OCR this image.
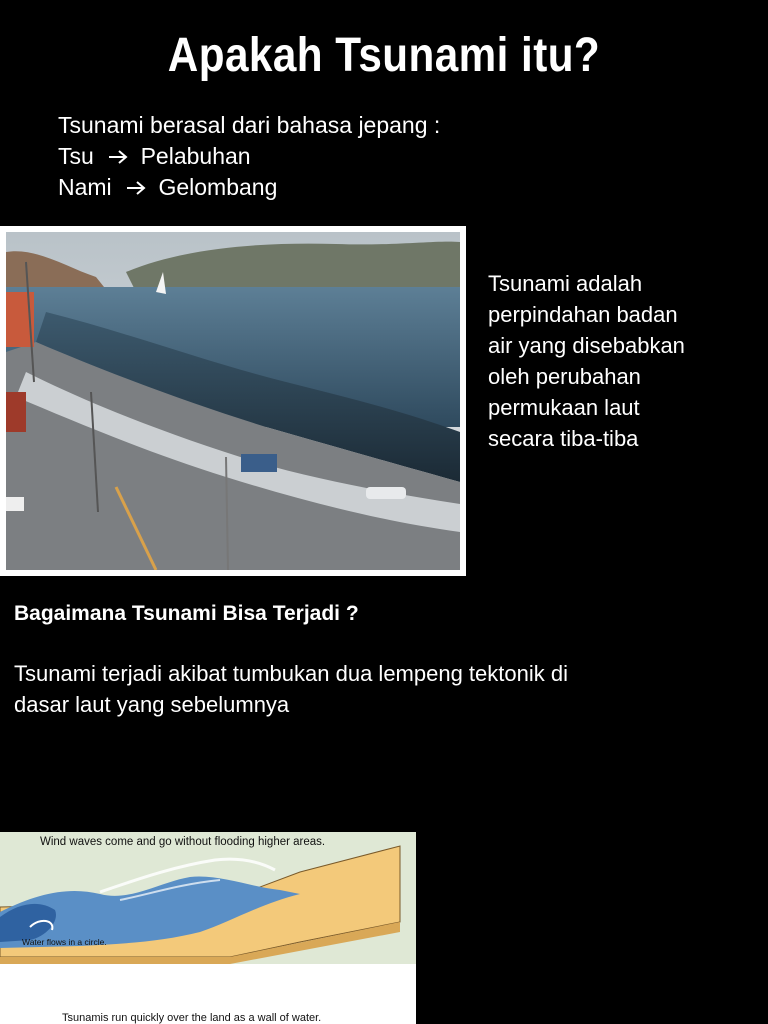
Apakah Tsunami itu?
Tsunami berasal dari bahasa jepang :
Tsu Pelabuhan
Nami Gelombang
Tsunami adalah
perpindahan badan
air yang disebabkan
oleh perubahan
permukaan laut
secara tiba-tiba
Bagaimana Tsunami Bisa Terjadi ?
Tsunami terjadi akibat tumbukan dua lempeng tektonik di
dasar laut yang sebelumnya
Wind waves come and go without flooding higher areas.
Water flows in a circle.
Tsunamis run quickly over the land as a wall of water.
